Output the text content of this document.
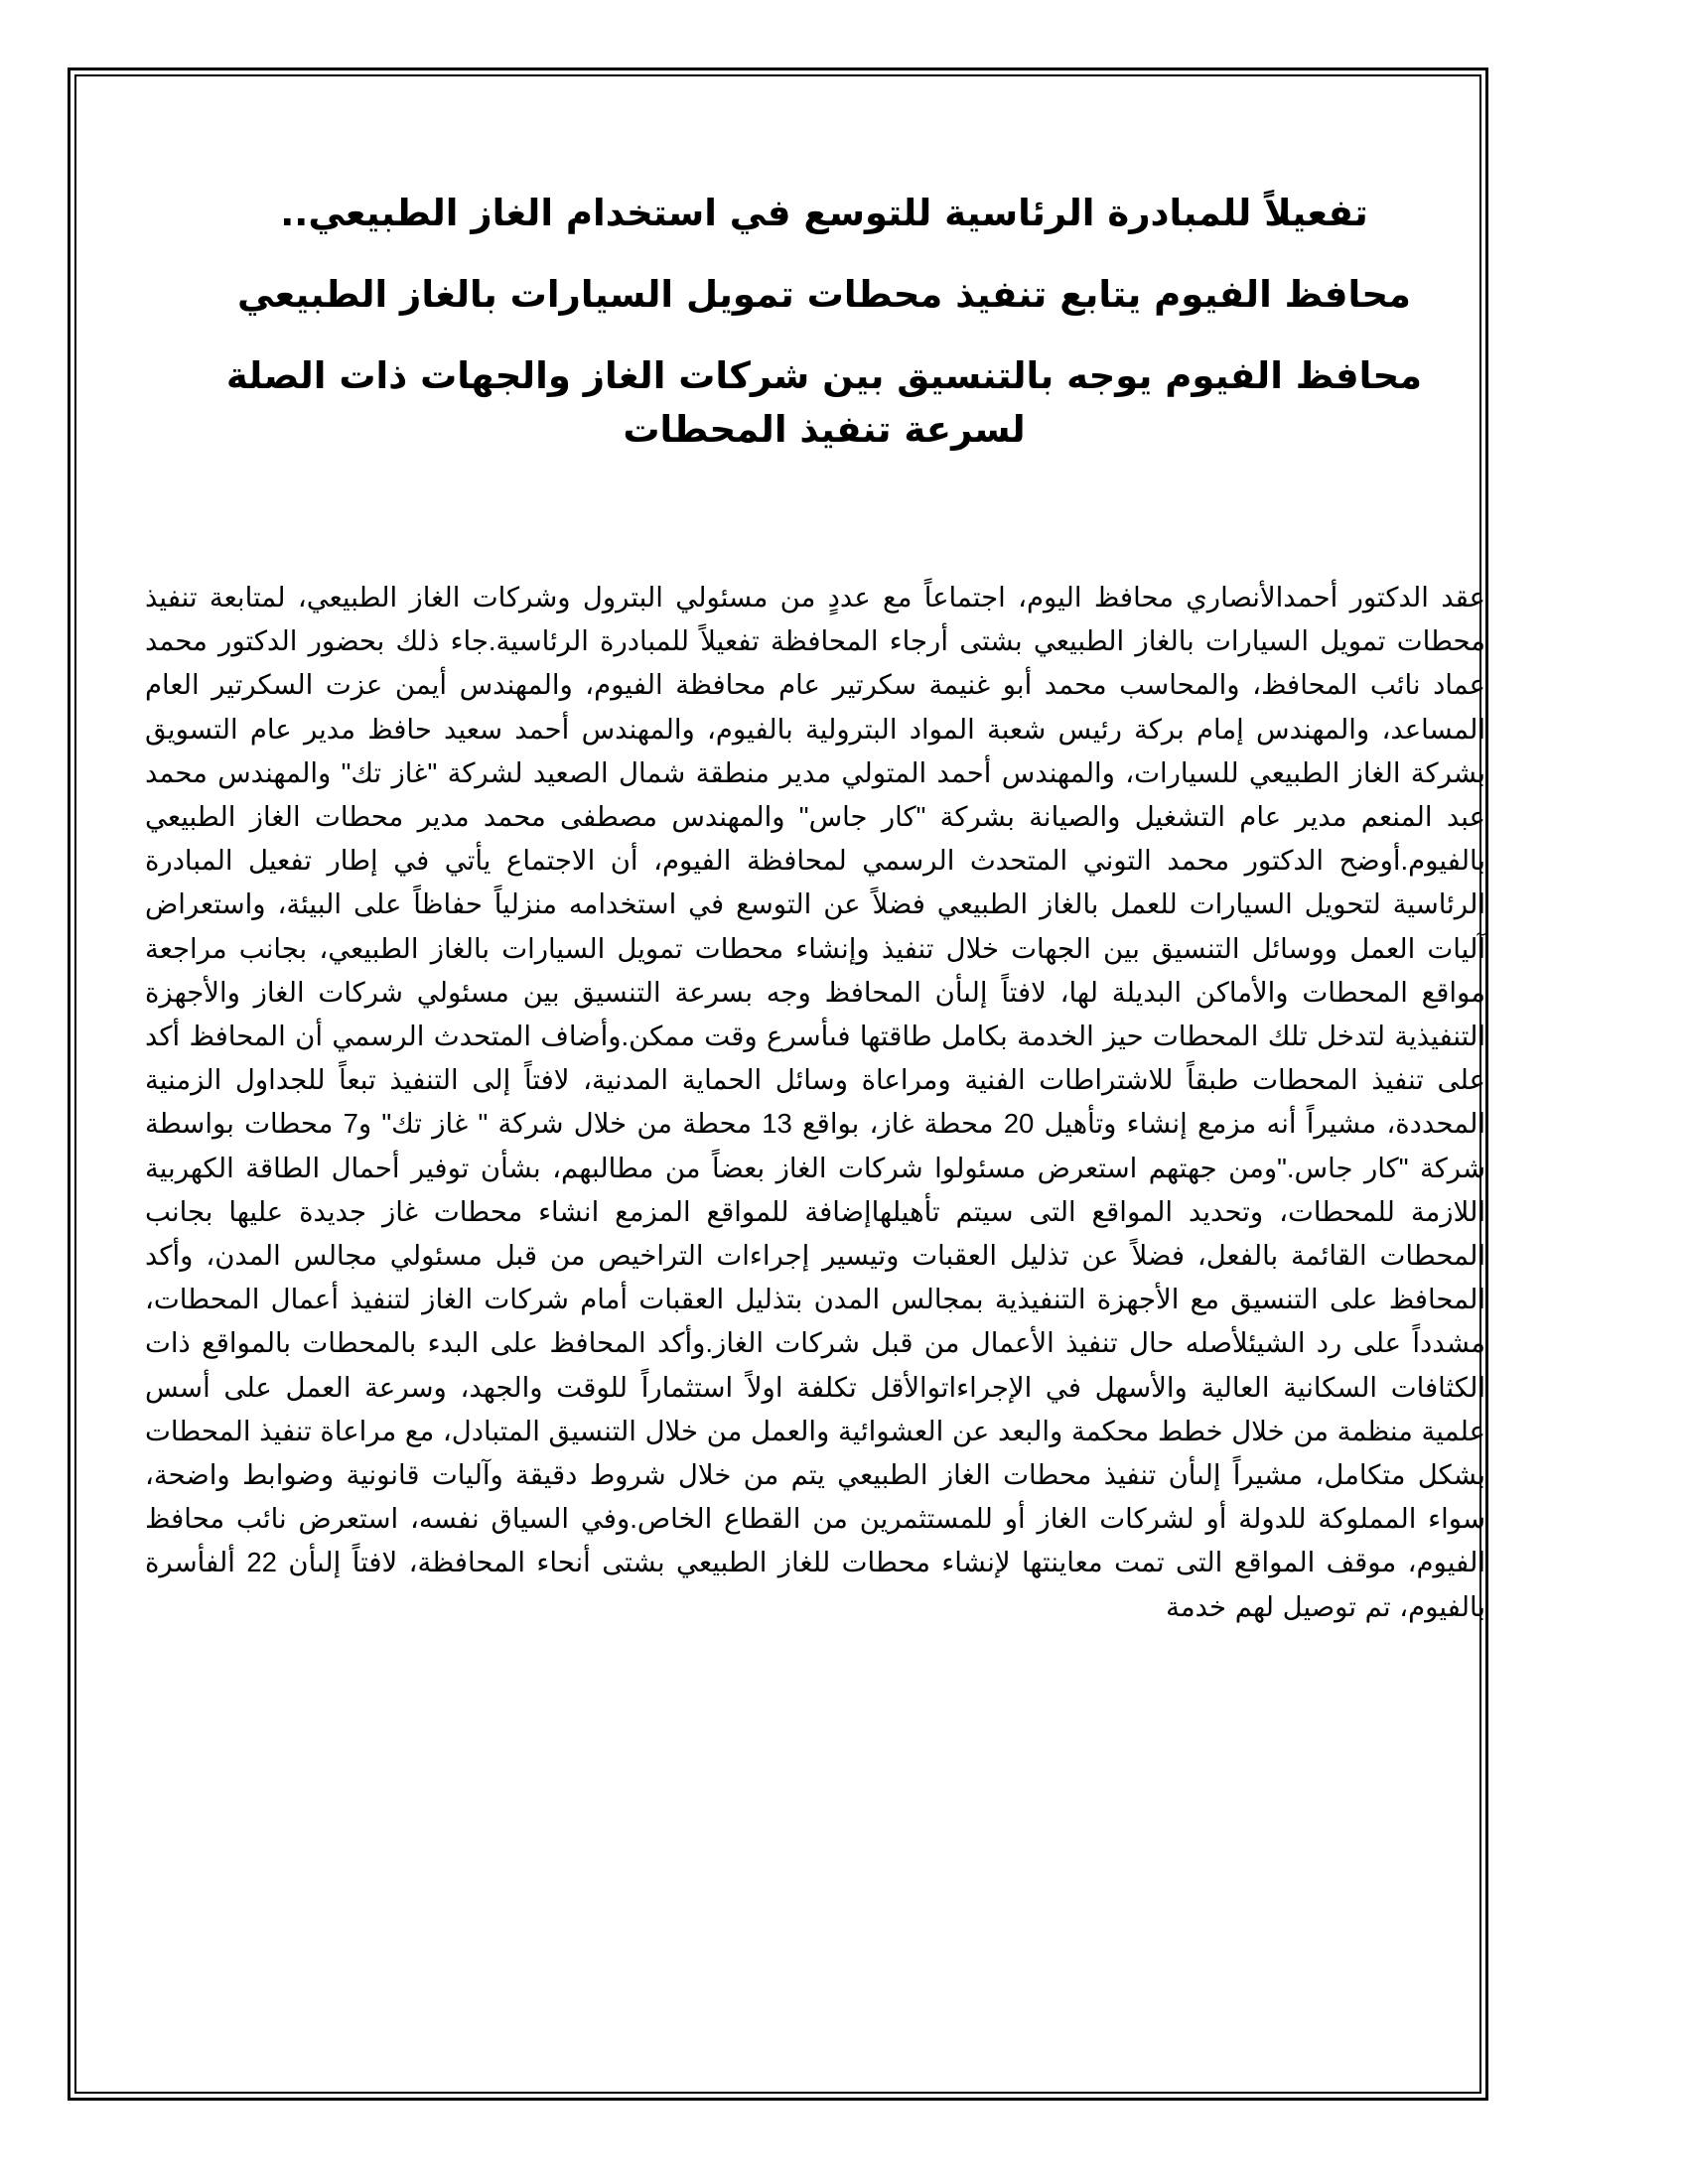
تفعيلاً للمبادرة الرئاسية للتوسع في استخدام الغاز الطبيعي..
محافظ الفيوم يتابع تنفيذ محطات تمويل السيارات بالغاز الطبيعي
محافظ الفيوم يوجه بالتنسيق بين شركات الغاز والجهات ذات الصلة لسرعة تنفيذ المحطات

عقد الدكتور أحمدالأنصاري محافظ اليوم، اجتماعاً مع عددٍ من مسئولي البترول وشركات الغاز الطبيعي، لمتابعة تنفيذ محطات تمويل السيارات بالغاز الطبيعي بشتى أرجاء المحافظة تفعيلاً للمبادرة الرئاسية.جاء ذلك بحضور الدكتور محمد عماد نائب المحافظ، والمحاسب محمد أبو غنيمة سكرتير عام محافظة الفيوم، والمهندس أيمن عزت السكرتير العام المساعد، والمهندس إمام بركة رئيس شعبة المواد البترولية بالفيوم، والمهندس أحمد سعيد حافظ مدير عام التسويق بشركة الغاز الطبيعي للسيارات، والمهندس أحمد المتولي مدير منطقة شمال الصعيد لشركة "غاز تك" والمهندس محمد عبد المنعم مدير عام التشغيل والصيانة بشركة "كار جاس" والمهندس مصطفى محمد مدير محطات الغاز الطبيعي بالفيوم.أوضح الدكتور محمد التوني المتحدث الرسمي لمحافظة الفيوم، أن الاجتماع يأتي في إطار تفعيل المبادرة الرئاسية لتحويل السيارات للعمل بالغاز الطبيعي فضلاً عن التوسع في استخدامه منزلياً حفاظاً على البيئة، واستعراض آليات العمل ووسائل التنسيق بين الجهات خلال تنفيذ وإنشاء محطات تمويل السيارات بالغاز الطبيعي، بجانب مراجعة مواقع المحطات والأماكن البديلة لها، لافتاً إلىأن المحافظ وجه بسرعة التنسيق بين مسئولي شركات الغاز والأجهزة التنفيذية لتدخل تلك المحطات حيز الخدمة بكامل طاقتها فىأسرع وقت ممكن.وأضاف المتحدث الرسمي أن المحافظ أكد على تنفيذ المحطات طبقاً للاشتراطات الفنية ومراعاة وسائل الحماية المدنية، لافتاً إلى التنفيذ تبعاً للجداول الزمنية المحددة، مشيراً أنه مزمع إنشاء وتأهيل 20 محطة غاز، بواقع 13 محطة من خلال شركة " غاز تك" و7 محطات بواسطة شركة "كار جاس."ومن جهتهم استعرض مسئولوا شركات الغاز بعضاً من مطالبهم، بشأن توفير أحمال الطاقة الكهربية اللازمة للمحطات، وتحديد المواقع التى سيتم تأهيلهاإضافة للمواقع المزمع انشاء محطات غاز جديدة عليها بجانب المحطات القائمة بالفعل، فضلاً عن تذليل العقبات وتيسير إجراءات التراخيص من قبل مسئولي مجالس المدن، وأكد المحافظ على التنسيق مع الأجهزة التنفيذية بمجالس المدن بتذليل العقبات أمام شركات الغاز لتنفيذ أعمال المحطات، مشدداً على رد الشيئلأصله حال تنفيذ الأعمال من قبل شركات الغاز.وأكد المحافظ على البدء بالمحطات بالمواقع ذات الكثافات السكانية العالية والأسهل في الإجراءاتوالأقل تكلفة اولاً استثماراً للوقت والجهد، وسرعة العمل على أسس علمية منظمة من خلال خطط محكمة والبعد عن العشوائية والعمل من خلال التنسيق المتبادل، مع مراعاة تنفيذ المحطات بشكل متكامل، مشيراً إلىأن تنفيذ محطات الغاز الطبيعي يتم من خلال شروط دقيقة وآليات قانونية وضوابط واضحة، سواء المملوكة للدولة أو لشركات الغاز أو للمستثمرين من القطاع الخاص.وفي السياق نفسه، استعرض نائب محافظ الفيوم، موقف المواقع التى تمت معاينتها لإنشاء محطات للغاز الطبيعي بشتى أنحاء المحافظة، لافتاً إلىأن 22 ألفأسرة بالفيوم، تم توصيل لهم خدمة
